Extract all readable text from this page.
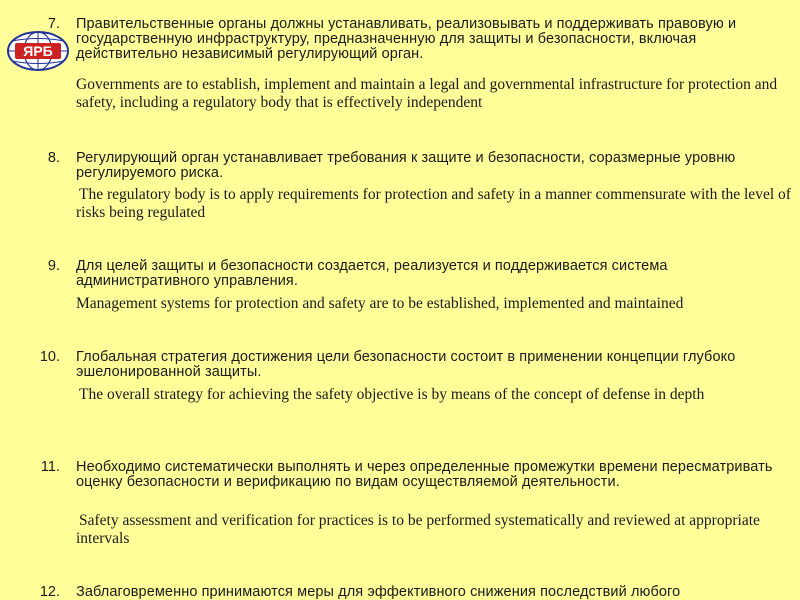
ЯРБ
7. Правительственные органы должны устанавливать, реализовывать и поддерживать правовую и государственную инфраструктуру, предназначенную для защиты и безопасности, включая действительно независимый регулирующий орган.
Governments are to establish, implement and maintain a legal and governmental infrastructure for protection and safety, including a regulatory body that is effectively independent
8. Регулирующий орган устанавливает требования к защите и безопасности, соразмерные уровню регулируемого риска.
The regulatory body is to apply requirements for protection and safety in a manner commensurate with the level of risks being regulated
9. Для целей защиты и безопасности создается, реализуется и поддерживается система административного управления.
Management systems for protection and safety are to be established, implemented and maintained
10. Глобальная стратегия достижения цели безопасности состоит в применении концепции глубоко эшелонированной защиты.
The overall strategy for achieving the safety objective is by means of the concept of defense in depth
11. Необходимо систематически выполнять и через определенные промежутки времени пересматривать оценку безопасности и верификацию по видам осуществляемой деятельности.
Safety assessment and verification for practices is to be performed systematically and reviewed at appropriate intervals
12. Заблаговременно принимаются меры для эффективного снижения последствий любого
